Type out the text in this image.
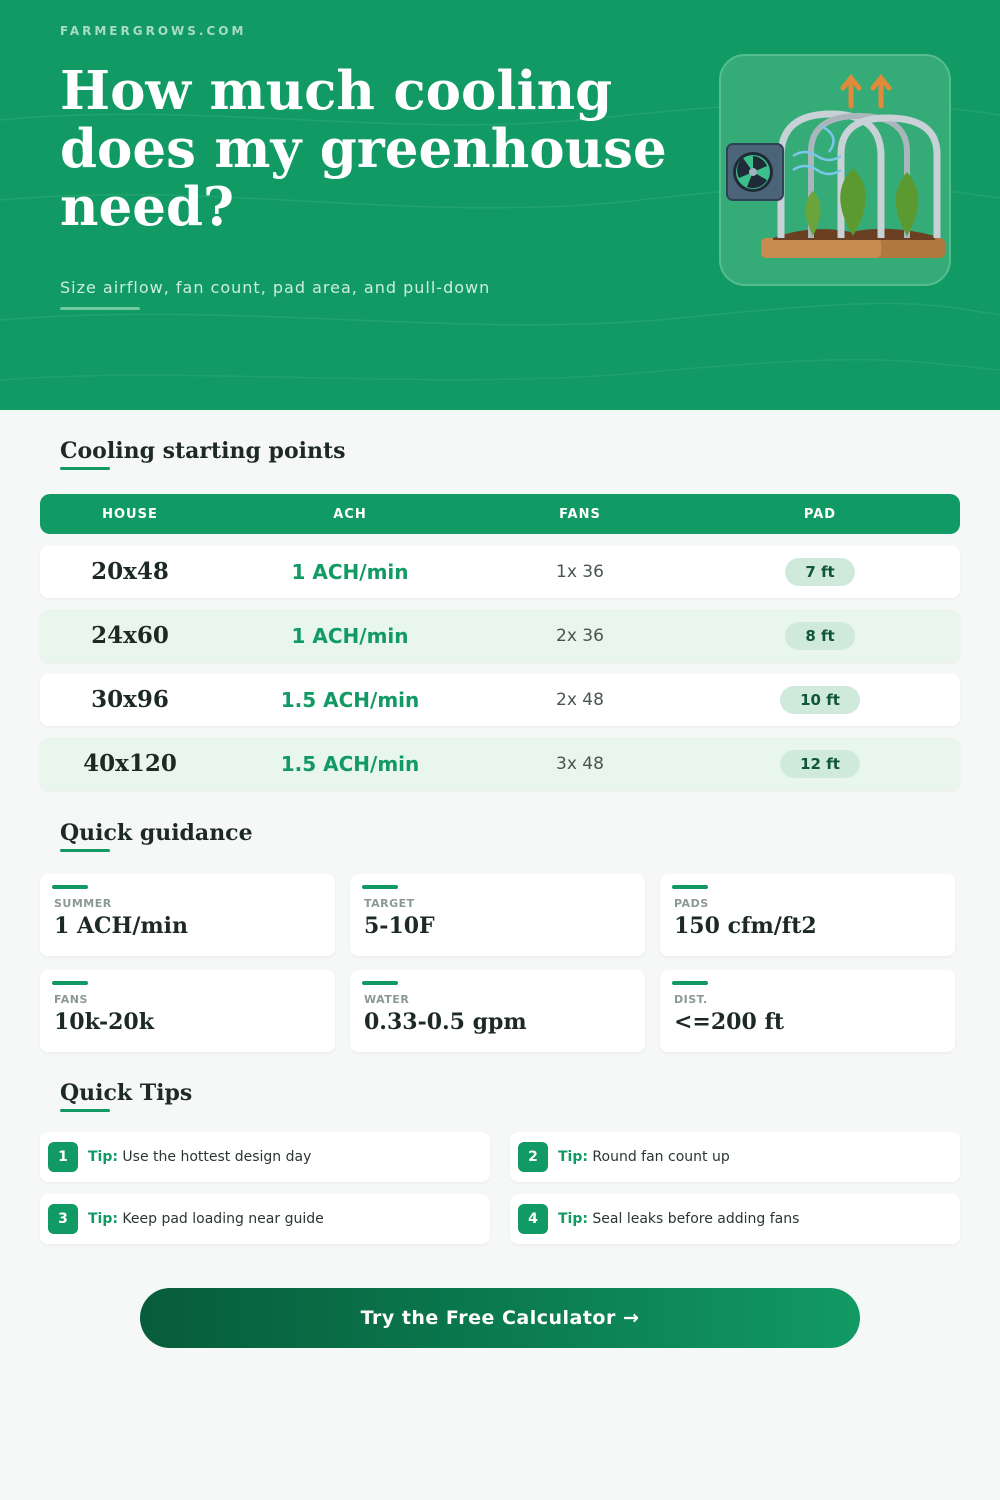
FARMERGROWS.COM
How much cooling does my greenhouse need?
Size airflow, fan count, pad area, and pull-down
Cooling starting points
HOUSE	ACH	FANS	PAD
20x48	1 ACH/min	1x 36	7 ft
24x60	1 ACH/min	2x 36	8 ft
30x96	1.5 ACH/min	2x 48	10 ft
40x120	1.5 ACH/min	3x 48	12 ft
Quick guidance
SUMMER
1 ACH/min
TARGET
5-10F
PADS
150 cfm/ft2
FANS
10k-20k
WATER
0.33-0.5 gpm
DIST.
<=200 ft
Quick Tips
1	Tip: Use the hottest design day	2	Tip: Round fan count up
3	Tip: Keep pad loading near guide	4	Tip: Seal leaks before adding fans
Try the Free Calculator →
